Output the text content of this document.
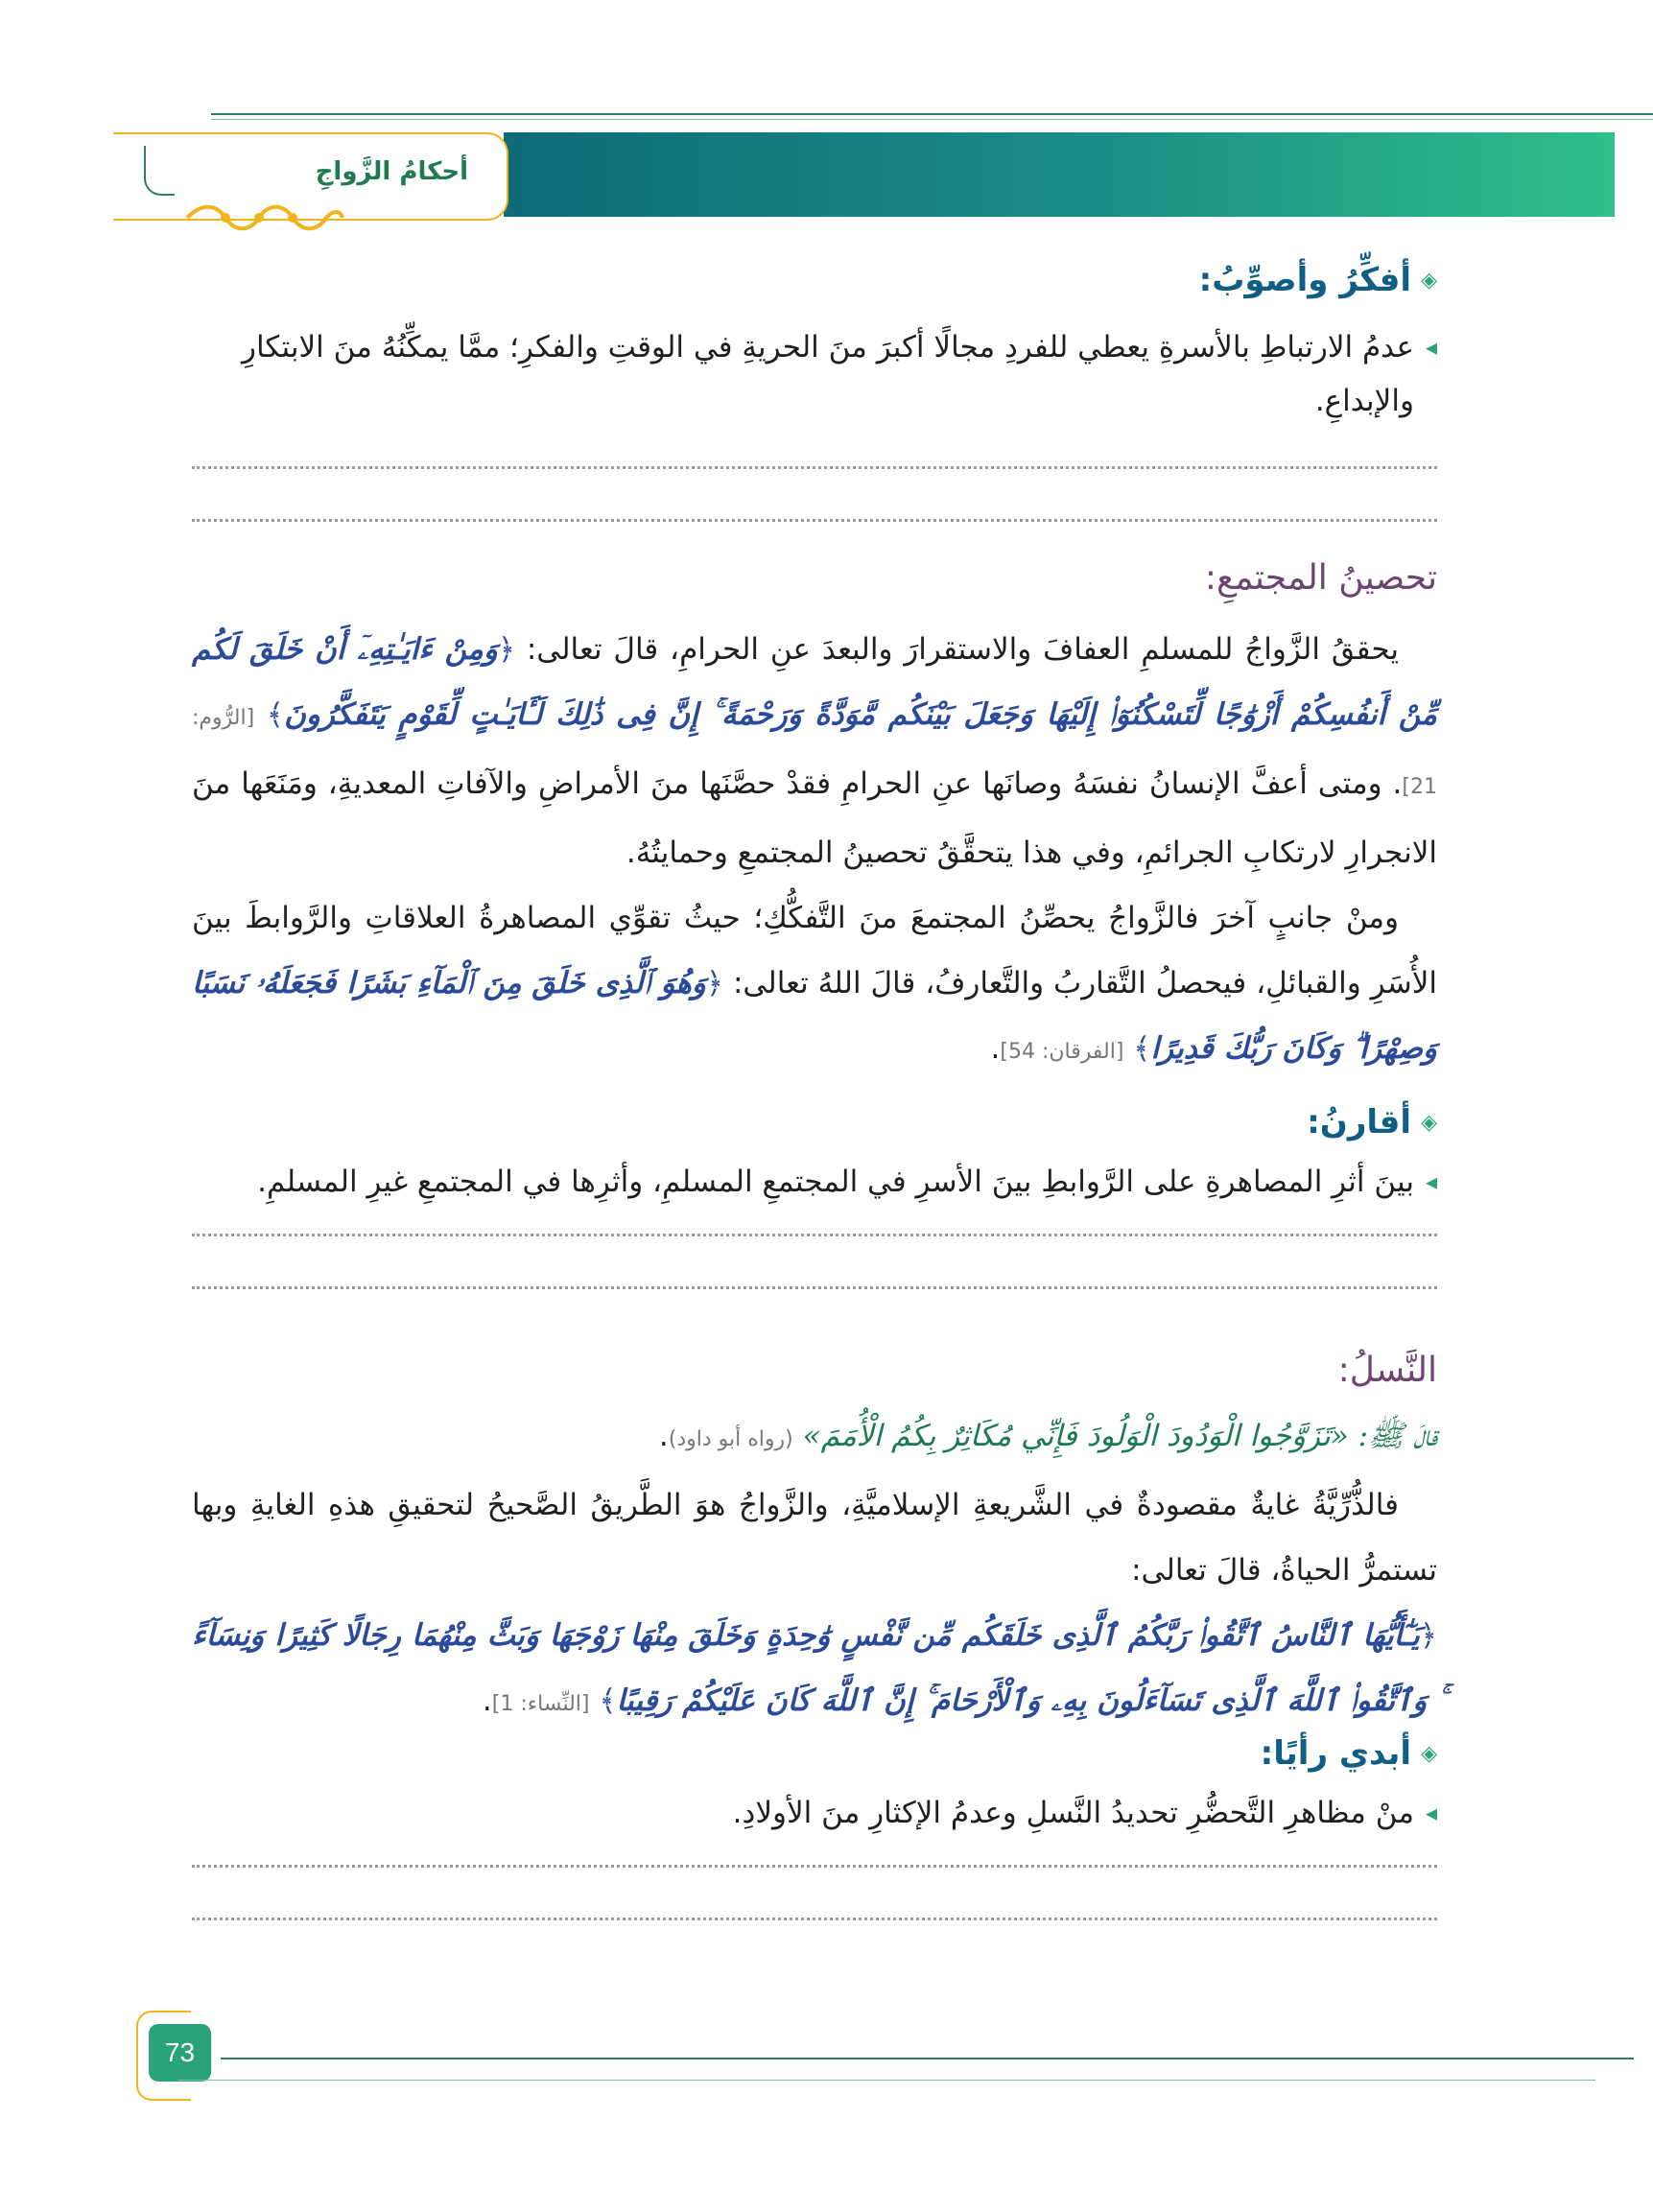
أحكامُ الزَّواجِ
◈
أفكِّرُ وأصوِّبُ:
◂
عدمُ الارتباطِ بالأسرةِ يعطي للفردِ مجالًا أكبرَ منَ الحريةِ في الوقتِ والفكرِ؛ ممَّا يمكِّنُهُ منَ الابتكارِ والإبداعِ.
تحصينُ المجتمعِ:

يحققُ الزَّواجُ للمسلمِ العفافَ والاستقرارَ والبعدَ عنِ الحرامِ، قالَ تعالى: ﴿وَمِنْ ءَايَـٰتِهِۦٓ أَنْ خَلَقَ لَكُم مِّنْ أَنفُسِكُمْ أَزْوَٰجًا لِّتَسْكُنُوٓا۟ إِلَيْهَا وَجَعَلَ بَيْنَكُم مَّوَدَّةً وَرَحْمَةً ۚ إِنَّ فِى ذَٰلِكَ لَـَٔايَـٰتٍ لِّقَوْمٍ يَتَفَكَّرُونَ﴾ [الرُّوم: 21]. ومتى أعفَّ الإنسانُ نفسَهُ وصانَها عنِ الحرامِ فقدْ حصَّنَها منَ الأمراضِ والآفاتِ المعديةِ، ومَنَعَها منَ الانجرارِ لارتكابِ الجرائمِ، وفي هذا يتحقَّقُ تحصينُ المجتمعِ وحمايتُهُ.

ومنْ جانبٍ آخرَ فالزَّواجُ يحصِّنُ المجتمعَ منَ التَّفكُّكِ؛ حيثُ تقوِّي المصاهرةُ العلاقاتِ والرَّوابطَ بينَ الأُسَرِ والقبائلِ، فيحصلُ التَّقاربُ والتَّعارفُ، قالَ اللهُ تعالى: ﴿وَهُوَ ٱلَّذِى خَلَقَ مِنَ ٱلْمَآءِ بَشَرًا فَجَعَلَهُۥ نَسَبًا وَصِهْرًا ۗ وَكَانَ رَبُّكَ قَدِيرًا﴾ [الفرقان: 54].

◈
أقارنُ:
◂
بينَ أثرِ المصاهرةِ على الرَّوابطِ بينَ الأسرِ في المجتمعِ المسلمِ، وأثرِها في المجتمعِ غيرِ المسلمِ.
النَّسلُ:

قالَ ﷺ: «تَزَوَّجُوا الْوَدُودَ الْوَلُودَ فَإِنِّي مُكَاثِرٌ بِكُمُ الْأُمَمَ» (رواه أبو داود).

فالذُّرِّيَّةُ غايةٌ مقصودةٌ في الشَّريعةِ الإسلاميَّةِ، والزَّواجُ هوَ الطَّريقُ الصَّحيحُ لتحقيقِ هذهِ الغايةِ وبها تستمرُّ الحياةُ، قالَ تعالى:

﴿يَـٰٓأَيُّهَا ٱلنَّاسُ ٱتَّقُوا۟ رَبَّكُمُ ٱلَّذِى خَلَقَكُم مِّن نَّفْسٍ وَٰحِدَةٍ وَخَلَقَ مِنْهَا زَوْجَهَا وَبَثَّ مِنْهُمَا رِجَالًا كَثِيرًا وَنِسَآءً ۚ وَٱتَّقُوا۟ ٱللَّهَ ٱلَّذِى تَسَآءَلُونَ بِهِۦ وَٱلْأَرْحَامَ ۚ إِنَّ ٱللَّهَ كَانَ عَلَيْكُمْ رَقِيبًا﴾ [النِّساء: 1].

◈
أبدي رأيًا:
◂
منْ مظاهرِ التَّحضُّرِ تحديدُ النَّسلِ وعدمُ الإكثارِ منَ الأولادِ.
73
